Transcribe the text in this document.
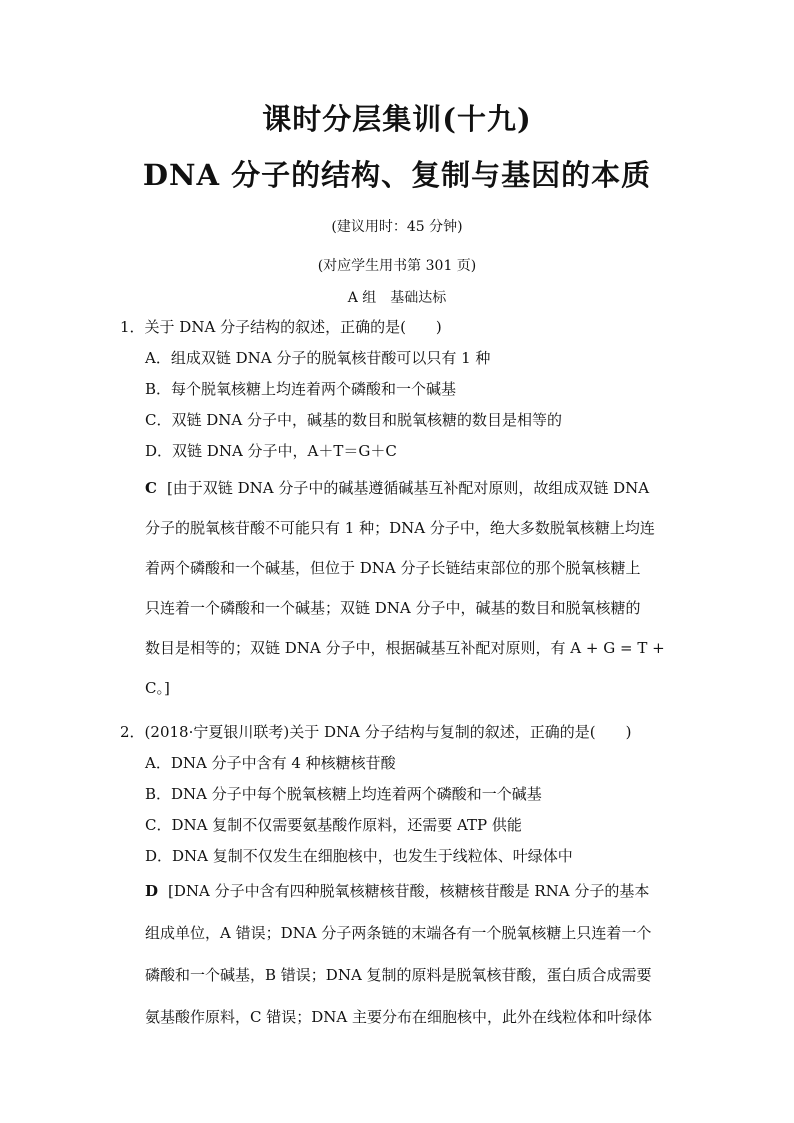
课时分层集训(十九)
DNA 分子的结构、复制与基因的本质
(建议用时：45 分钟)
(对应学生用书第 301 页)
A 组　基础达标
1．关于 DNA 分子结构的叙述，正确的是(　　)
A．组成双链 DNA 分子的脱氧核苷酸可以只有 1 种
B．每个脱氧核糖上均连着两个磷酸和一个碱基
C．双链 DNA 分子中，碱基的数目和脱氧核糖的数目是相等的
D．双链 DNA 分子中，A＋T＝G＋C
C [由于双链 DNA 分子中的碱基遵循碱基互补配对原则，故组成双链 DNA
分子的脱氧核苷酸不可能只有 1 种；DNA 分子中，绝大多数脱氧核糖上均连
着两个磷酸和一个碱基，但位于 DNA 分子长链结束部位的那个脱氧核糖上
只连着一个磷酸和一个碱基；双链 DNA 分子中，碱基的数目和脱氧核糖的
数目是相等的；双链 DNA 分子中，根据碱基互补配对原则，有 A + G = T +
C。]
2．(2018·宁夏银川联考)关于 DNA 分子结构与复制的叙述，正确的是(　　)
A．DNA 分子中含有 4 种核糖核苷酸
B．DNA 分子中每个脱氧核糖上均连着两个磷酸和一个碱基
C．DNA 复制不仅需要氨基酸作原料，还需要 ATP 供能
D．DNA 复制不仅发生在细胞核中，也发生于线粒体、叶绿体中
D [DNA 分子中含有四种脱氧核糖核苷酸，核糖核苷酸是 RNA 分子的基本
组成单位，A 错误；DNA 分子两条链的末端各有一个脱氧核糖上只连着一个
磷酸和一个碱基，B 错误；DNA 复制的原料是脱氧核苷酸，蛋白质合成需要
氨基酸作原料，C 错误；DNA 主要分布在细胞核中，此外在线粒体和叶绿体
